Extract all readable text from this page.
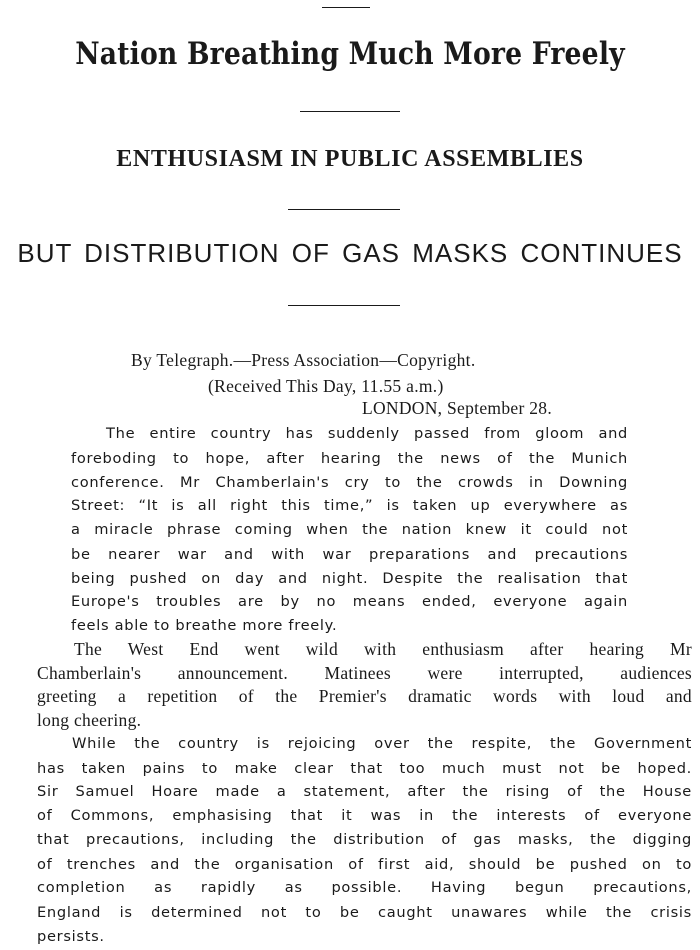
Nation Breathing Much More Freely
ENTHUSIASM IN PUBLIC ASSEMBLIES
BUT DISTRIBUTION OF GAS MASKS CONTINUES
By Telegraph.—Press Association—Copyright.
(Received This Day, 11.55 a.m.)
LONDON, September 28.
The entire country has suddenly passed from gloom and
foreboding to hope, after hearing the news of the Munich
conference. Mr Chamberlain's cry to the crowds in Downing
Street: “It is all right this time,” is taken up everywhere as
a miracle phrase coming when the nation knew it could not
be nearer war and with war preparations and precautions
being pushed on day and night. Despite the realisation that
Europe's troubles are by no means ended, everyone again
feels able to breathe more freely.
The West End went wild with enthusiasm after hearing Mr
Chamberlain's announcement. Matinees were interrupted, audiences
greeting a repetition of the Premier's dramatic words with loud and
long cheering.
While the country is rejoicing over the respite, the Government
has taken pains to make clear that too much must not be hoped.
Sir Samuel Hoare made a statement, after the rising of the House
of Commons, emphasising that it was in the interests of everyone
that precautions, including the distribution of gas masks, the digging
of trenches and the organisation of first aid, should be pushed on to
completion as rapidly as possible. Having begun precautions,
England is determined not to be caught unawares while the crisis
persists.
